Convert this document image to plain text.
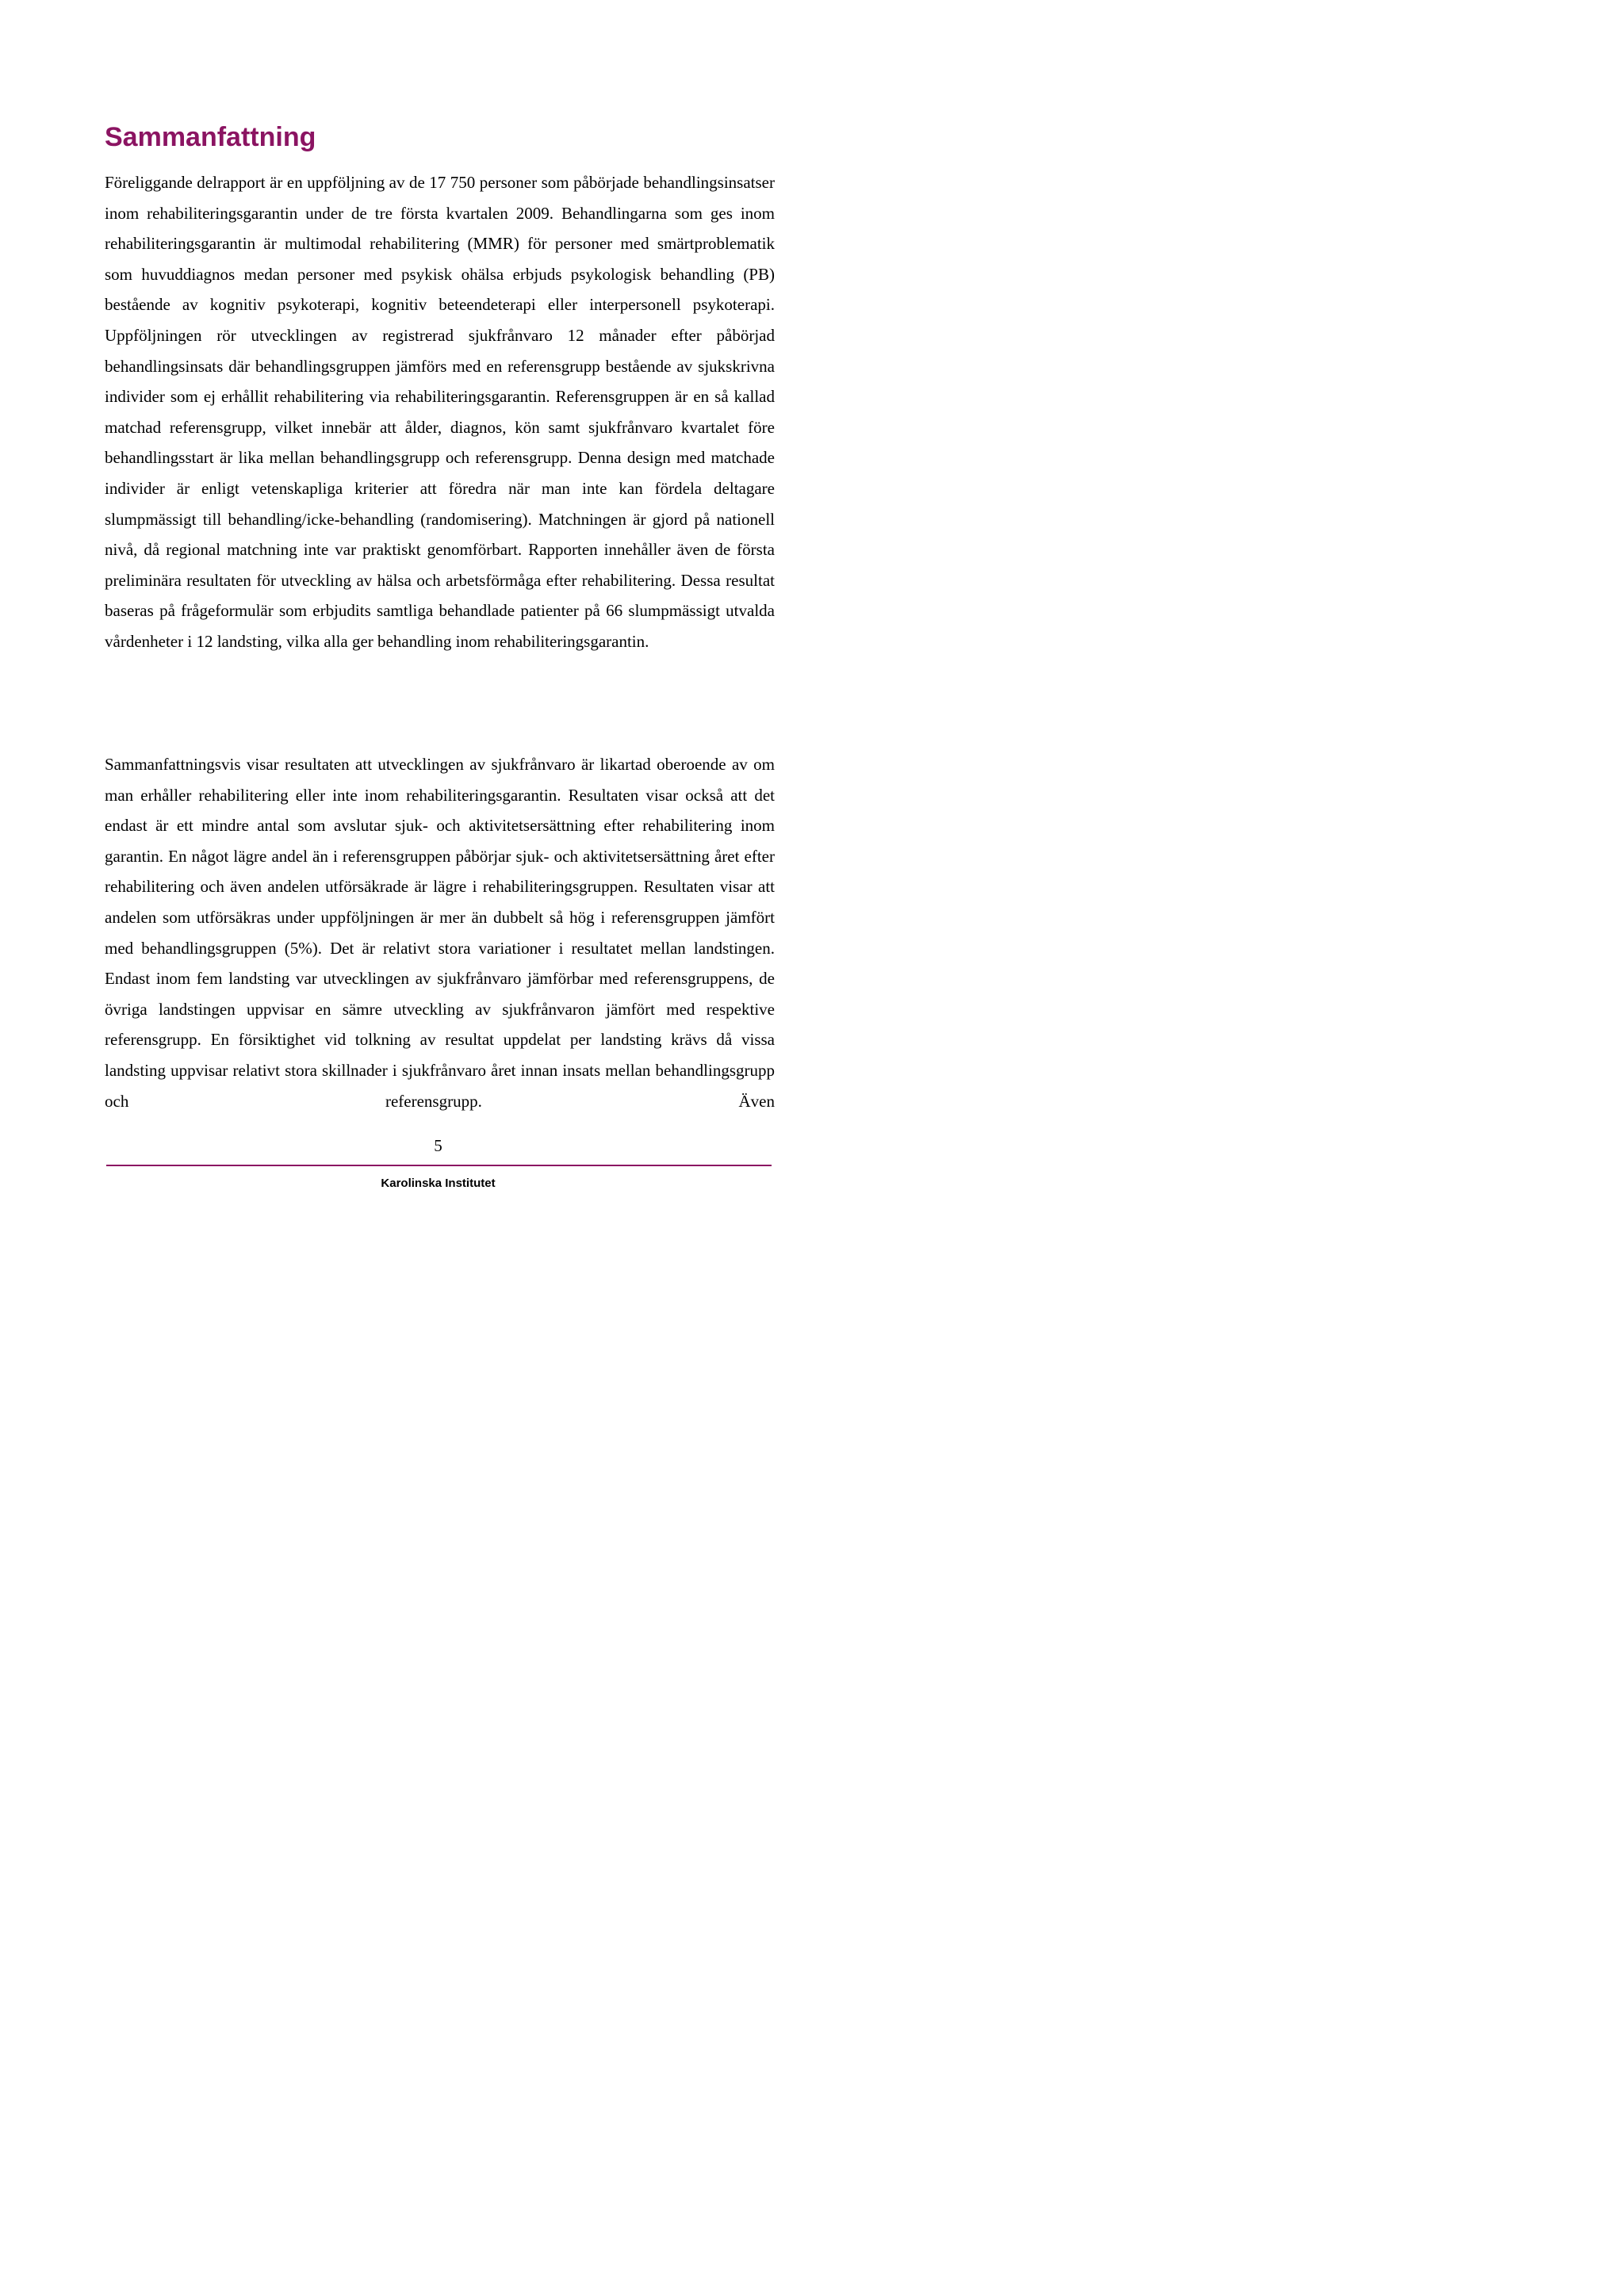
Sammanfattning

Föreliggande delrapport är en uppföljning av de 17 750 personer som påbörjade behandlingsinsatser inom rehabiliteringsgarantin under de tre första kvartalen 2009. Behandlingarna som ges inom rehabiliteringsgarantin är multimodal rehabilitering (MMR) för personer med smärtproblematik som huvuddiagnos medan personer med psykisk ohälsa erbjuds psykologisk behandling (PB) bestående av kognitiv psykoterapi, kognitiv beteendeterapi eller interpersonell psykoterapi. Uppföljningen rör utvecklingen av registrerad sjukfrånvaro 12 månader efter påbörjad behandlingsinsats där behandlingsgruppen jämförs med en referensgrupp bestående av sjukskrivna individer som ej erhållit rehabilitering via rehabiliteringsgarantin. Referensgruppen är en så kallad matchad referensgrupp, vilket innebär att ålder, diagnos, kön samt sjukfrånvaro kvartalet före behandlingsstart är lika mellan behandlingsgrupp och referensgrupp. Denna design med matchade individer är enligt vetenskapliga kriterier att föredra när man inte kan fördela deltagare slumpmässigt till behandling/icke-behandling (randomisering). Matchningen är gjord på nationell nivå, då regional matchning inte var praktiskt genomförbart. Rapporten innehåller även de första preliminära resultaten för utveckling av hälsa och arbetsförmåga efter rehabilitering. Dessa resultat baseras på frågeformulär som erbjudits samtliga behandlade patienter på 66 slumpmässigt utvalda vårdenheter i 12 landsting, vilka alla ger behandling inom rehabiliteringsgarantin.

Sammanfattningsvis visar resultaten att utvecklingen av sjukfrånvaro är likartad oberoende av om man erhåller rehabilitering eller inte inom rehabiliteringsgarantin. Resultaten visar också att det endast är ett mindre antal som avslutar sjuk- och aktivitetsersättning efter rehabilitering inom garantin. En något lägre andel än i referensgruppen påbörjar sjuk- och aktivitetsersättning året efter rehabilitering och även andelen utförsäkrade är lägre i rehabiliteringsgruppen. Resultaten visar att andelen som utförsäkras under uppföljningen är mer än dubbelt så hög i referensgruppen jämfört med behandlingsgruppen (5%). Det är relativt stora variationer i resultatet mellan landstingen. Endast inom fem landsting var utvecklingen av sjukfrånvaro jämförbar med referensgruppens, de övriga landstingen uppvisar en sämre utveckling av sjukfrånvaron jämfört med respektive referensgrupp. En försiktighet vid tolkning av resultat uppdelat per landsting krävs då vissa landsting uppvisar relativt stora skillnader i sjukfrånvaro året innan insats mellan behandlingsgrupp och referensgrupp. Även

5
Karolinska Institutet
